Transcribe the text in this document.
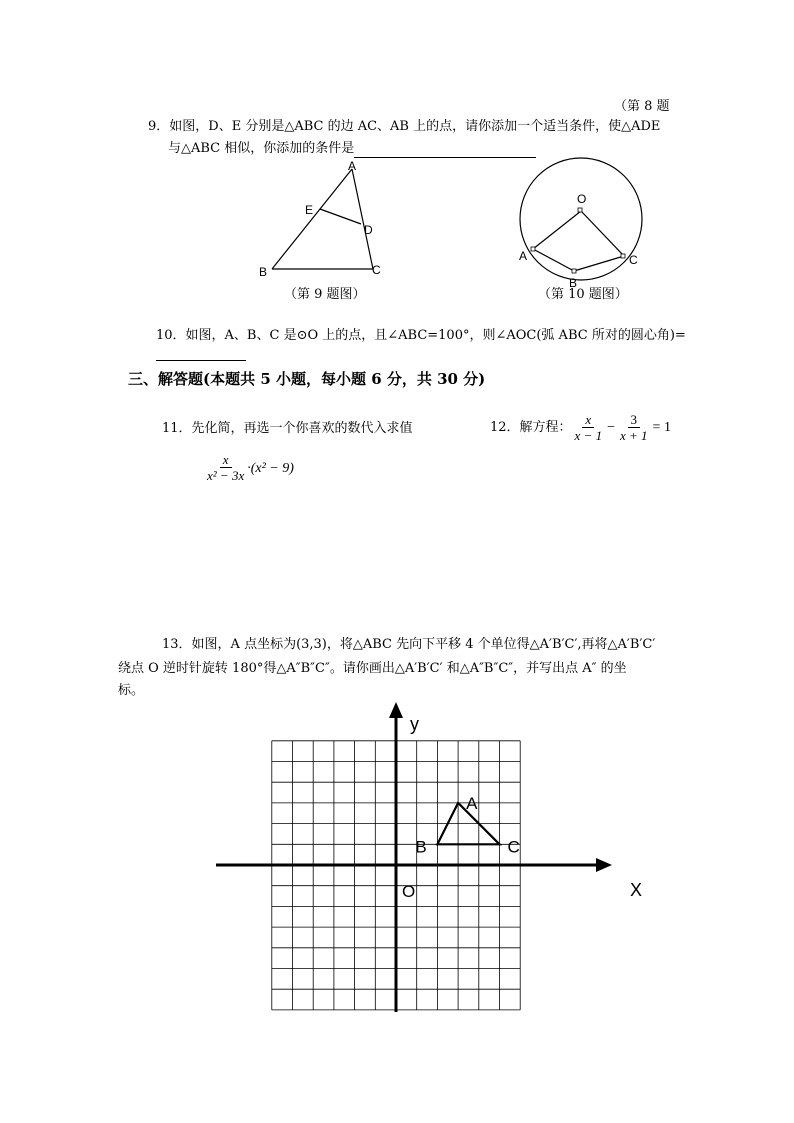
（第 8 题
9．如图，D、E 分别是△ABC 的边 AC、AB 上的点，请你添加一个适当条件，使△ADE
与△ABC 相似，你添加的条件是
A
B	C
D
E
（第 9 题图）
O
A
B
C
（第 10 题图）
10．如图，A、B、C 是⊙O 上的点，且∠ABC=100°，则∠AOC(弧 ABC 所对的圆心角)=
三、解答题(本题共 5 小题，每小题 6 分，共 30 分)
11．先化简，再选一个你喜欢的数代入求值
$\frac{x}{\text{x² − 3x}} \cdot(x^2 - 9)$
12．解方程： $\frac{x}{x - 1} - \frac{3}{x + 1} = 1$
13．如图，A 点坐标为(3,3)，将△ABC 先向下平移 4 个单位得△A′B′C′,再将△A′B′C′
绕点 O 逆时针旋转 180°得△A″B″C″。请你画出△A′B′C′ 和△A″B″C″，并写出点 A″ 的坐
标。
y
X
O
A
B	C
